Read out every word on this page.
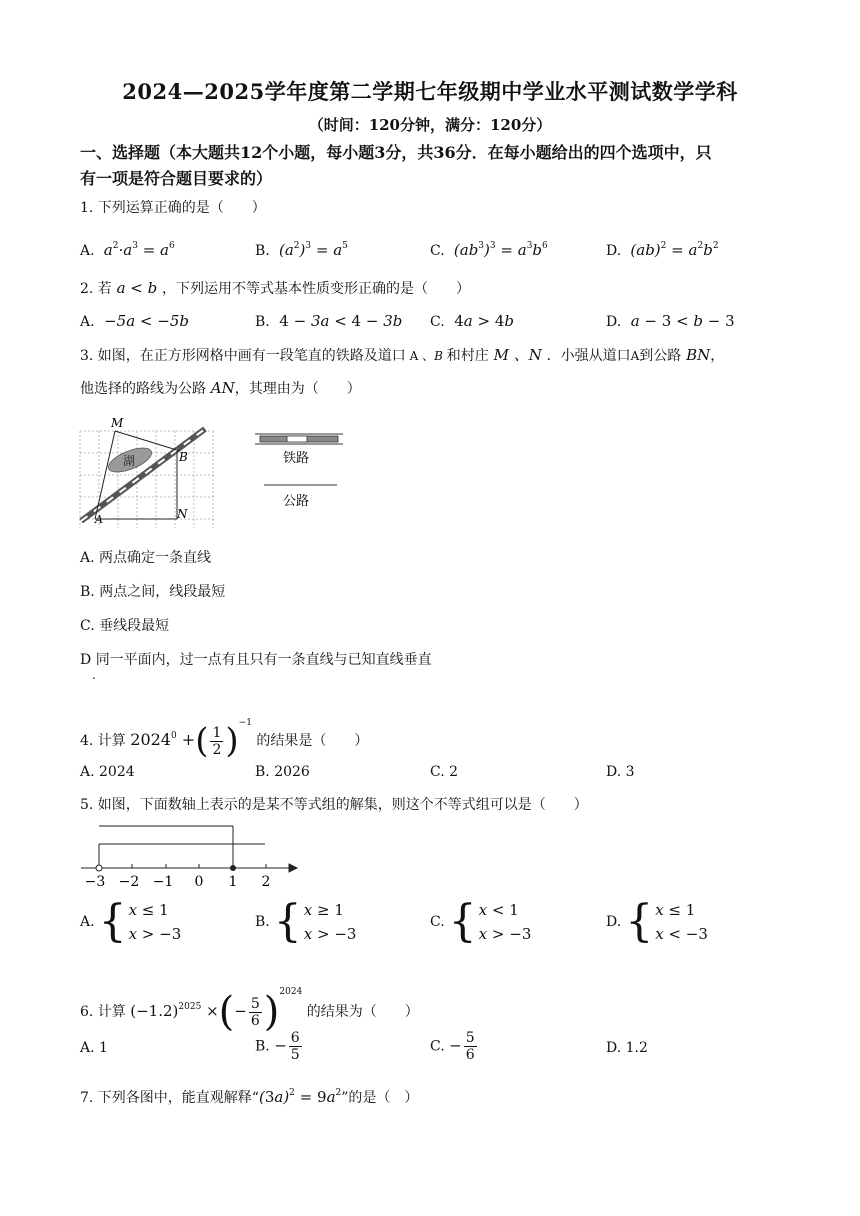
2024—2025学年度第二学期七年级期中学业水平测试数学学科
（时间：120分钟，满分：120分）
一、选择题（本大题共12个小题，每小题3分，共36分．在每小题给出的四个选项中，只
有一项是符合题目要求的）
1. 下列运算正确的是（　　）
A.  $a^2\cdot a^3 = a^6$	B.  $(a^2)^3 = a^5$	C.  $(ab^3)^3 = a^3b^6$	D.  $(ab)^2 = a^2b^2$
2. 若 a < b ，下列运用不等式基本性质变形正确的是（　　）
A.  −5a < −5b	B. 4 − 3a < 4 − 3b C. 4a > 4b	D.  a − 3 < b − 3
3. 如图，在正方形网格中画有一段笔直的铁路及道口 A 、B 和村庄 M 、N ．小强从道口A到公路 BN，
他选择的路线为公路 AN，其理由为（　　）
湖
M
B
A	N
铁路
公路
A. 两点确定一条直线
B. 两点之间，线段最短
C. 垂线段最短
D 同一平面内，过一点有且只有一条直线与已知直线垂直
.
4. 计算 $2024^0$ +( $\frac{1}{2} )^{-1}$ 的结果是（　　）
A. 2024	B. 2026	C. 2	D. 3
5. 如图，下面数轴上表示的是某不等式组的解集，则这个不等式组可以是（　　）
−3 −2 −1 0 1 2
A. { x ≤ 1
x > −3
B. { x ≥ 1
x > −3
C. { x < 1
x > −3
D. { x ≤ 1
x < −3
6. 计算 $(-1.2)^{2025}$ ×(− $\frac{5}{6} )^{2024}$ 的结果为（　　）
A. 1	B. − $\frac{6}{5}$	C. − $\frac{5}{6}$	D. 1.2
7. 下列各图中，能直观解释“$(3a)^2 = 9a^2$”的是（　）
